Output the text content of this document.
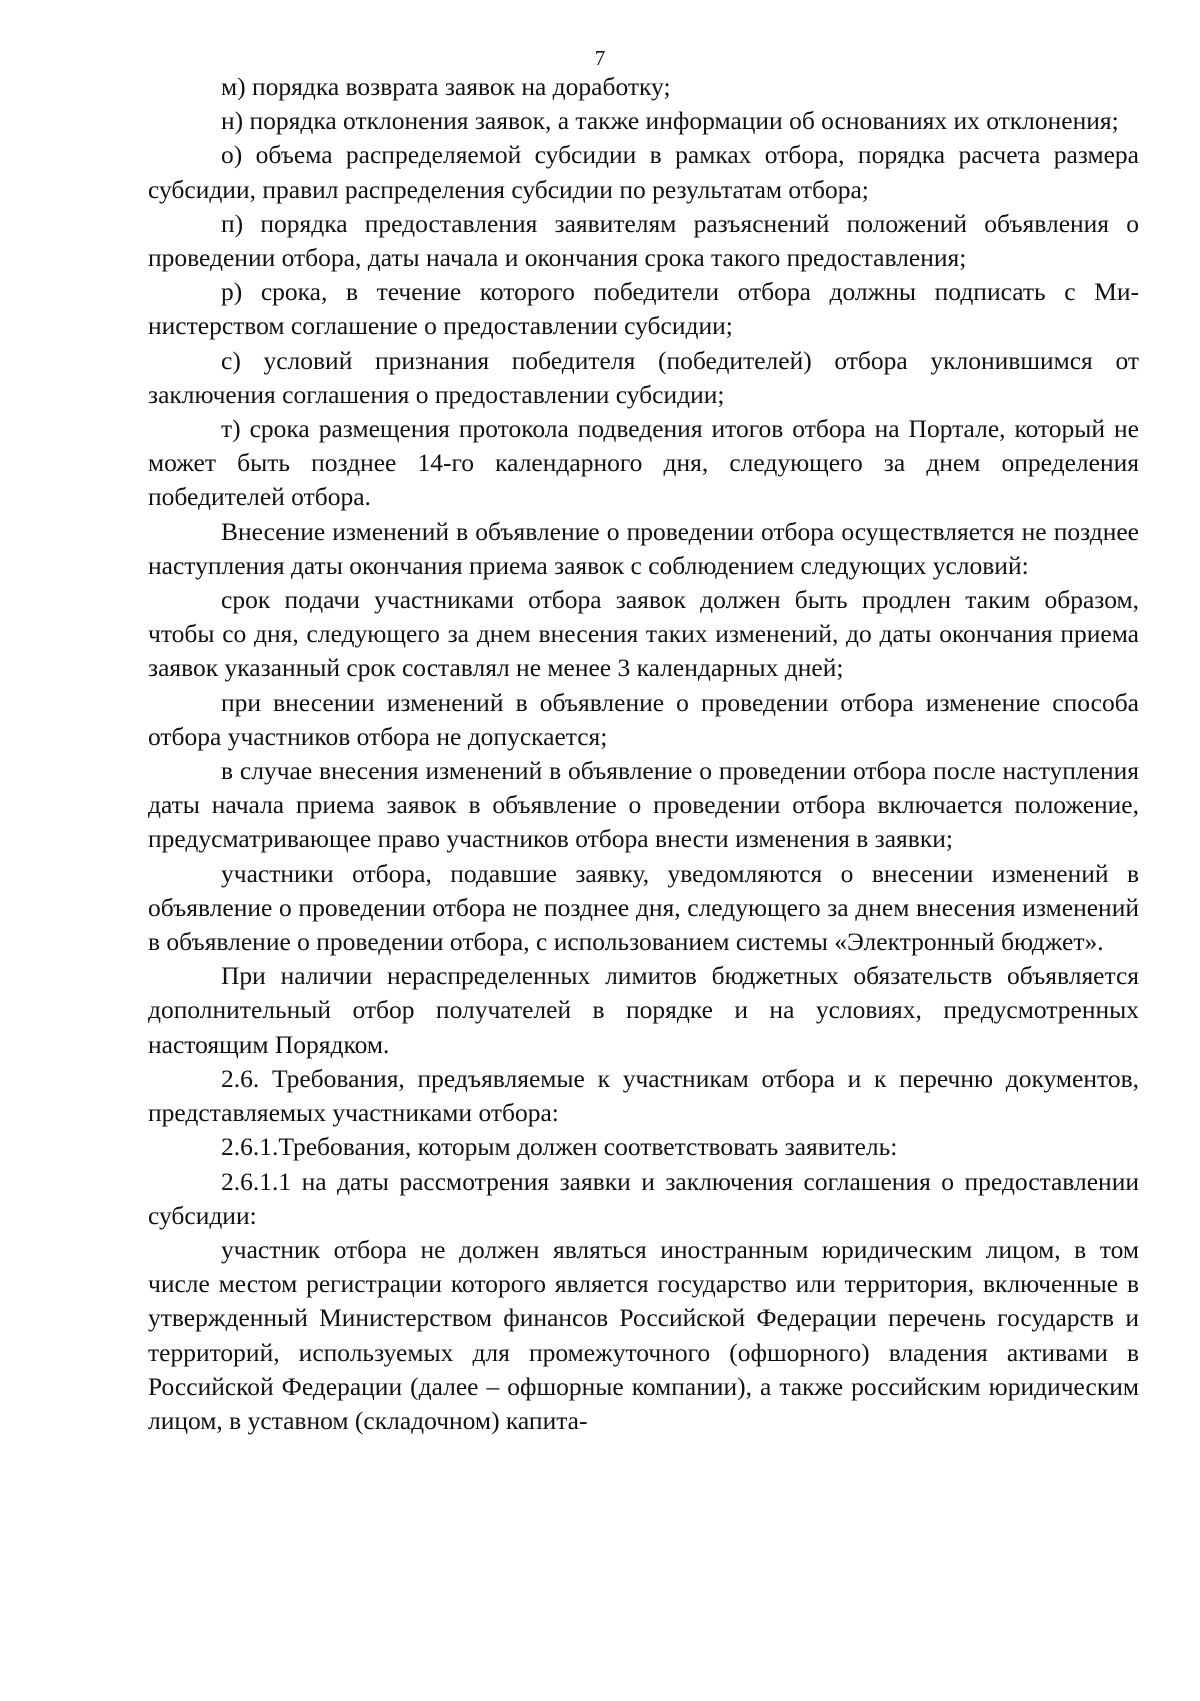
7

м) порядка возврата заявок на доработку;

н) порядка отклонения заявок, а также информации об основаниях их отклонения;

о) объема распределяемой субсидии в рамках отбора, порядка расчета размера субсидии, правил распределения субсидии по результатам отбора;

п) порядка предоставления заявителям разъяснений положений объявления о проведении отбора, даты начала и окончания срока такого предоставления;

р) срока, в течение которого победители отбора должны подписать с Министерством соглашение о предоставлении субсидии;

с) условий признания победителя (победителей) отбора уклонившимся от заключения соглашения о предоставлении субсидии;

т) срока размещения протокола подведения итогов отбора на Портале, который не может быть позднее 14-го календарного дня, следующего за днем определения победителей отбора.

Внесение изменений в объявление о проведении отбора осуществляется не позднее наступления даты окончания приема заявок с соблюдением следующих условий:

срок подачи участниками отбора заявок должен быть продлен таким образом, чтобы со дня, следующего за днем внесения таких изменений, до даты окончания приема заявок указанный срок составлял не менее 3 календарных дней;

при внесении изменений в объявление о проведении отбора изменение способа отбора участников отбора не допускается;

в случае внесения изменений в объявление о проведении отбора после наступления даты начала приема заявок в объявление о проведении отбора включается положение, предусматривающее право участников отбора внести изменения в заявки;

участники отбора, подавшие заявку, уведомляются о внесении изменений в объявление о проведении отбора не позднее дня, следующего за днем внесения изменений в объявление о проведении отбора, с использованием системы «Электронный бюджет».

При наличии нераспределенных лимитов бюджетных обязательств объявляется дополнительный отбор получателей в порядке и на условиях, предусмотренных настоящим Порядком.

2.6. Требования, предъявляемые к участникам отбора и к перечню документов, представляемых участниками отбора:

2.6.1.Требования, которым должен соответствовать заявитель:

2.6.1.1 на даты рассмотрения заявки и заключения соглашения о предоставлении субсидии:

участник отбора не должен являться иностранным юридическим лицом, в том числе местом регистрации которого является государство или территория, включенные в утвержденный Министерством финансов Российской Федерации перечень государств и территорий, используемых для промежуточного (офшорного) владения активами в Российской Федерации (далее – офшорные компании), а также российским юридическим лицом, в уставном (складочном) капита-
